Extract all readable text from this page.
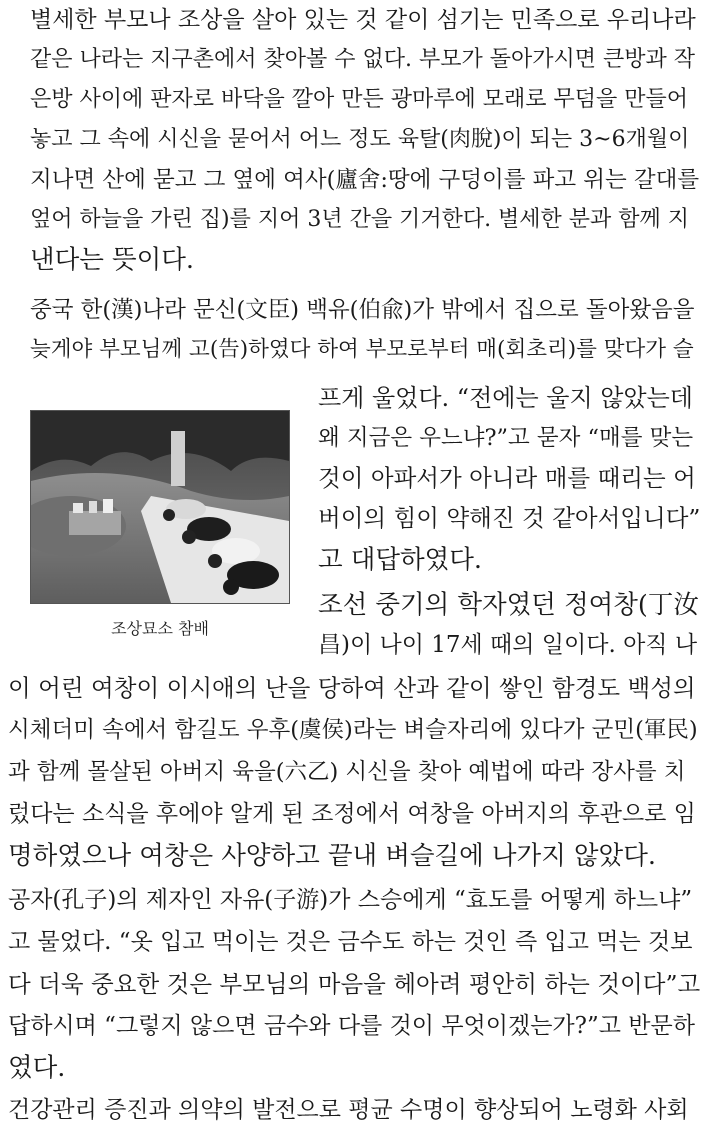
별세한 부모나 조상을 살아 있는 것 같이 섬기는 민족으로 우리나라
같은 나라는 지구촌에서 찾아볼 수 없다. 부모가 돌아가시면 큰방과 작
은방 사이에 판자로 바닥을 깔아 만든 광마루에 모래로 무덤을 만들어
놓고 그 속에 시신을 묻어서 어느 정도 육탈(肉脫)이 되는 3~6개월이
지나면 산에 묻고 그 옆에 여사(廬舍:땅에 구덩이를 파고 위는 갈대를
엎어 하늘을 가린 집)를 지어 3년 간을 기거한다. 별세한 분과 함께 지
낸다는 뜻이다.
중국 한(漢)나라 문신(文臣) 백유(伯兪)가 밖에서 집으로 돌아왔음을
늦게야 부모님께 고(告)하였다 하여 부모로부터 매(회초리)를 맞다가 슬
프게 울었다. “전에는 울지 않았는데
왜 지금은 우느냐?”고 묻자 “매를 맞는
것이 아파서가 아니라 매를 때리는 어
버이의 힘이 약해진 것 같아서입니다”
고 대답하였다.
조선 중기의 학자였던 정여창(丁汝
昌)이 나이 17세 때의 일이다. 아직 나
이 어린 여창이 이시애의 난을 당하여 산과 같이 쌓인 함경도 백성의
시체더미 속에서 함길도 우후(虞侯)라는 벼슬자리에 있다가 군민(軍民)
과 함께 몰살된 아버지 육을(六乙) 시신을 찾아 예법에 따라 장사를 치
렀다는 소식을 후에야 알게 된 조정에서 여창을 아버지의 후관으로 임
명하였으나 여창은 사양하고 끝내 벼슬길에 나가지 않았다.
공자(孔子)의 제자인 자유(子游)가 스승에게 “효도를 어떻게 하느냐”
고 물었다. “옷 입고 먹이는 것은 금수도 하는 것인 즉 입고 먹는 것보
다 더욱 중요한 것은 부모님의 마음을 헤아려 평안히 하는 것이다”고
답하시며 “그렇지 않으면 금수와 다를 것이 무엇이겠는가?”고 반문하
였다.
건강관리 증진과 의약의 발전으로 평균 수명이 향상되어 노령화 사회
조상묘소 참배
